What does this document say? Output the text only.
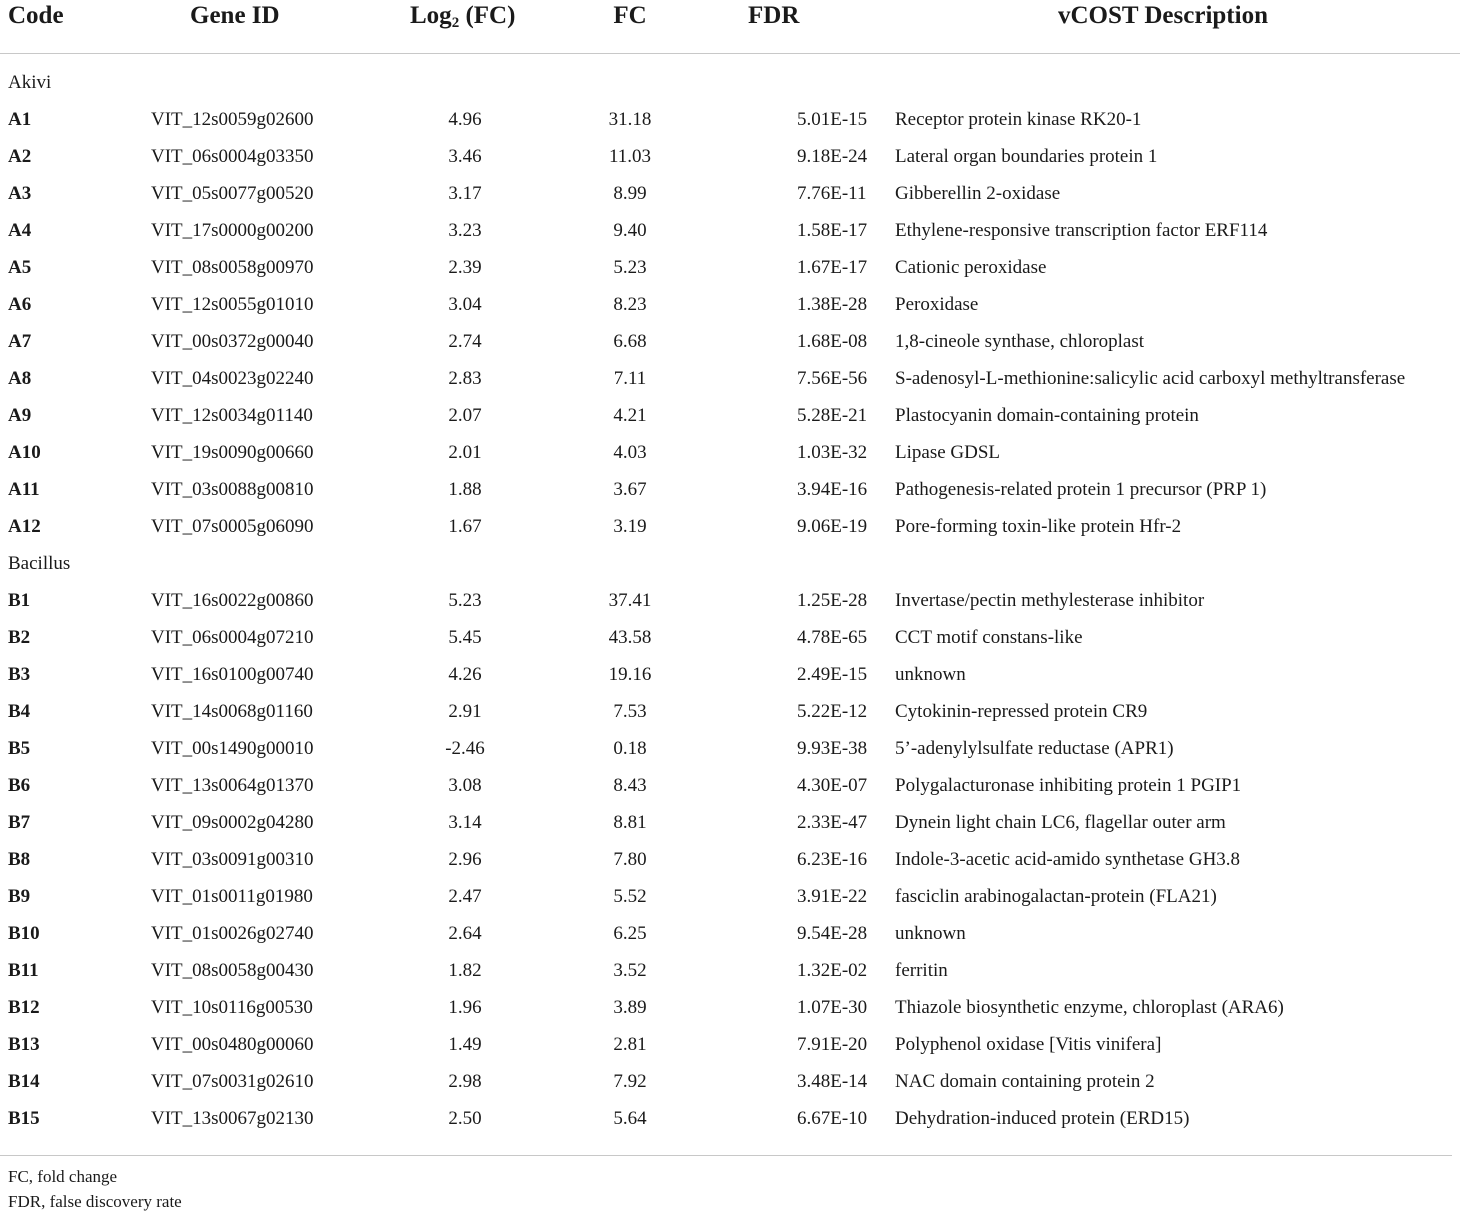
Code	Gene ID	Log$_2$ (FC)	FC	FDR	vCOST Description
Akivi					
A1	VIT_12s0059g02600	4.96	31.18	5.01E-15	Receptor protein kinase RK20-1
A2	VIT_06s0004g03350	3.46	11.03	9.18E-24	Lateral organ boundaries protein 1
A3	VIT_05s0077g00520	3.17	8.99	7.76E-11	Gibberellin 2-oxidase
A4	VIT_17s0000g00200	3.23	9.40	1.58E-17	Ethylene-responsive transcription factor ERF114
A5	VIT_08s0058g00970	2.39	5.23	1.67E-17	Cationic peroxidase
A6	VIT_12s0055g01010	3.04	8.23	1.38E-28	Peroxidase
A7	VIT_00s0372g00040	2.74	6.68	1.68E-08	1,8-cineole synthase, chloroplast
A8	VIT_04s0023g02240	2.83	7.11	7.56E-56	S-adenosyl-L-methionine:salicylic acid carboxyl methyltransferase
A9	VIT_12s0034g01140	2.07	4.21	5.28E-21	Plastocyanin domain-containing protein
A10	VIT_19s0090g00660	2.01	4.03	1.03E-32	Lipase GDSL
A11	VIT_03s0088g00810	1.88	3.67	3.94E-16	Pathogenesis-related protein 1 precursor (PRP 1)
A12	VIT_07s0005g06090	1.67	3.19	9.06E-19	Pore-forming toxin-like protein Hfr-2
Bacillus					
B1	VIT_16s0022g00860	5.23	37.41	1.25E-28	Invertase/pectin methylesterase inhibitor
B2	VIT_06s0004g07210	5.45	43.58	4.78E-65	CCT motif constans-like
B3	VIT_16s0100g00740	4.26	19.16	2.49E-15	unknown
B4	VIT_14s0068g01160	2.91	7.53	5.22E-12	Cytokinin-repressed protein CR9
B5	VIT_00s1490g00010	-2.46	0.18	9.93E-38	5’-adenylylsulfate reductase (APR1)
B6	VIT_13s0064g01370	3.08	8.43	4.30E-07	Polygalacturonase inhibiting protein 1 PGIP1
B7	VIT_09s0002g04280	3.14	8.81	2.33E-47	Dynein light chain LC6, flagellar outer arm
B8	VIT_03s0091g00310	2.96	7.80	6.23E-16	Indole-3-acetic acid-amido synthetase GH3.8
B9	VIT_01s0011g01980	2.47	5.52	3.91E-22	fasciclin arabinogalactan-protein (FLA21)
B10	VIT_01s0026g02740	2.64	6.25	9.54E-28	unknown
B11	VIT_08s0058g00430	1.82	3.52	1.32E-02	ferritin
B12	VIT_10s0116g00530	1.96	3.89	1.07E-30	Thiazole biosynthetic enzyme, chloroplast (ARA6)
B13	VIT_00s0480g00060	1.49	2.81	7.91E-20	Polyphenol oxidase [Vitis vinifera]
B14	VIT_07s0031g02610	2.98	7.92	3.48E-14	NAC domain containing protein 2
B15	VIT_13s0067g02130	2.50	5.64	6.67E-10	Dehydration-induced protein (ERD15)
FC, fold change
FDR, false discovery rate
